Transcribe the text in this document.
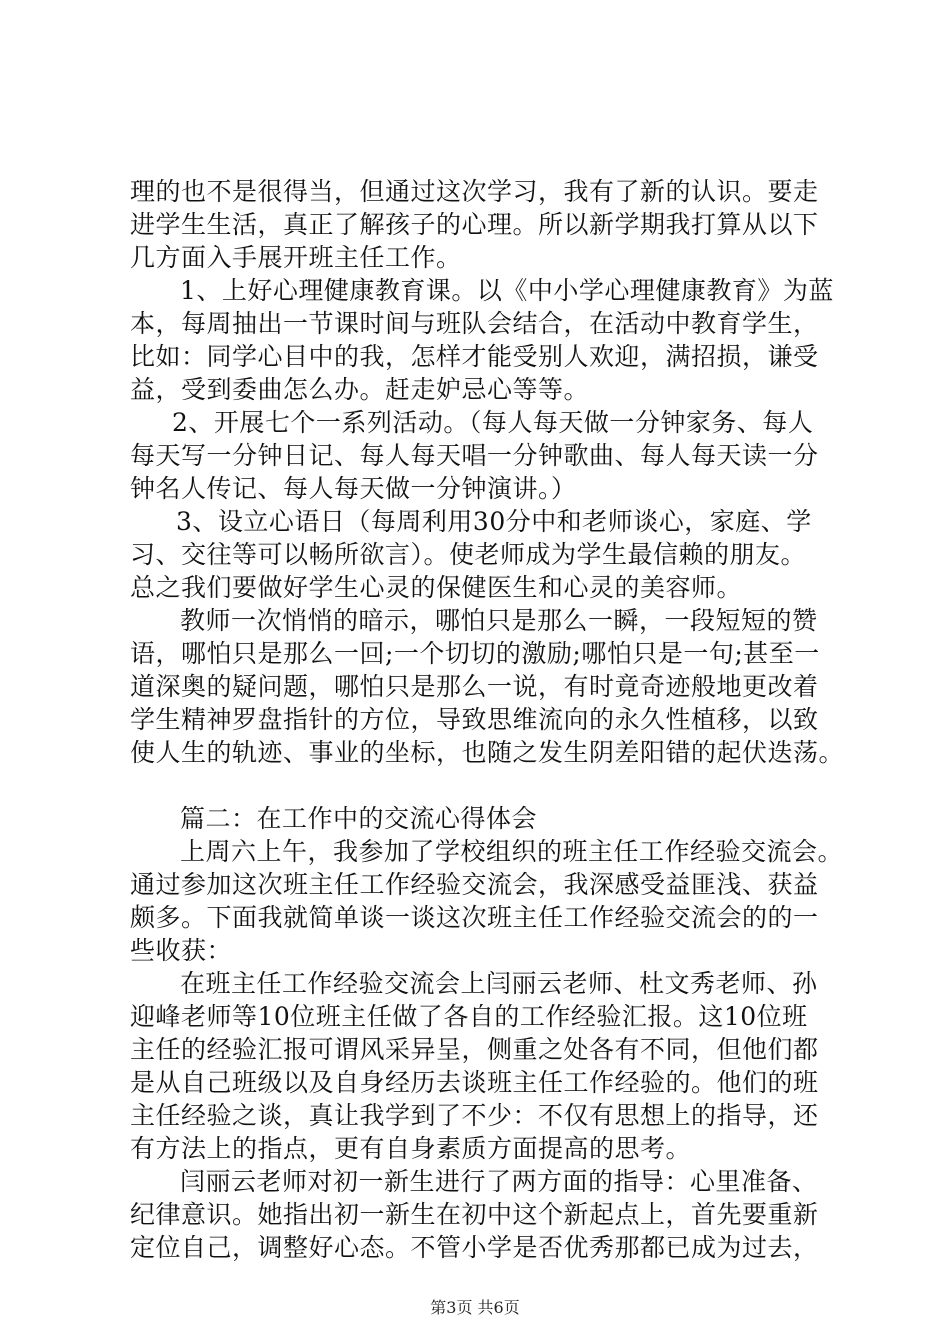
理的也不是很得当，但通过这次学习，我有了新的认识。要走
进学生生活，真正了解孩子的心理。所以新学期我打算从以下
几方面入手展开班主任工作。
1、上好心理健康教育课。以《中小学心理健康教育》为蓝
本，每周抽出一节课时间与班队会结合，在活动中教育学生，
比如：同学心目中的我，怎样才能受别人欢迎，满招损，谦受
益，受到委曲怎么办。赶走妒忌心等等。
2、开展七个一系列活动。（每人每天做一分钟家务、每人
每天写一分钟日记、每人每天唱一分钟歌曲、每人每天读一分
钟名人传记、每人每天做一分钟演讲。）
3、设立心语日（每周利用30分中和老师谈心，家庭、学
习、交往等可以畅所欲言）。使老师成为学生最信赖的朋友。
总之我们要做好学生心灵的保健医生和心灵的美容师。
教师一次悄悄的暗示，哪怕只是那么一瞬，一段短短的赞
语，哪怕只是那么一回;一个切切的激励;哪怕只是一句;甚至一
道深奥的疑问题，哪怕只是那么一说，有时竟奇迹般地更改着
学生精神罗盘指针的方位，导致思维流向的永久性植移，以致
使人生的轨迹、事业的坐标，也随之发生阴差阳错的起伏迭荡。
篇二：在工作中的交流心得体会
上周六上午，我参加了学校组织的班主任工作经验交流会。
通过参加这次班主任工作经验交流会，我深感受益匪浅、获益
颇多。下面我就简单谈一谈这次班主任工作经验交流会的的一
些收获：
在班主任工作经验交流会上闫丽云老师、杜文秀老师、孙
迎峰老师等10位班主任做了各自的工作经验汇报。这10位班
主任的经验汇报可谓风采异呈，侧重之处各有不同，但他们都
是从自己班级以及自身经历去谈班主任工作经验的。他们的班
主任经验之谈，真让我学到了不少：不仅有思想上的指导，还
有方法上的指点，更有自身素质方面提高的思考。
闫丽云老师对初一新生进行了两方面的指导：心里准备、
纪律意识。她指出初一新生在初中这个新起点上，首先要重新
定位自己，调整好心态。不管小学是否优秀那都已成为过去，
第3页 共6页
